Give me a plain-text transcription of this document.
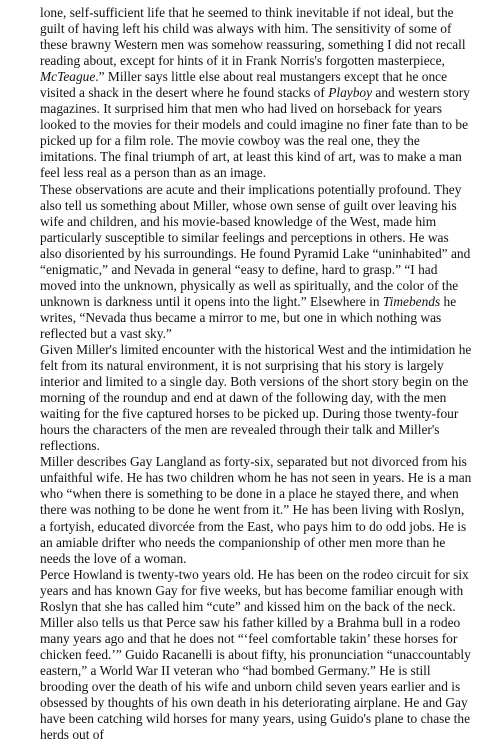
lone, self-sufficient life that he seemed to think inevitable if not ideal, but the guilt of having left his child was always with him. The sensitivity of some of these brawny Western men was somehow reassuring, something I did not recall reading about, except for hints of it in Frank Norris's forgotten masterpiece, McTeague.” Miller says little else about real mustangers except that he once visited a shack in the desert where he found stacks of Playboy and western story magazines. It surprised him that men who had lived on horseback for years looked to the movies for their models and could imagine no finer fate than to be picked up for a film role. The movie cowboy was the real one, they the imitations. The final triumph of art, at least this kind of art, was to make a man feel less real as a person than as an image.

These observations are acute and their implications potentially profound. They also tell us something about Miller, whose own sense of guilt over leaving his wife and children, and his movie-based knowledge of the West, made him particularly susceptible to similar feelings and perceptions in others. He was also disoriented by his surroundings. He found Pyramid Lake “uninhabited” and “enigmatic,” and Nevada in general “easy to define, hard to grasp.” “I had moved into the unknown, physically as well as spiritually, and the color of the unknown is darkness until it opens into the light.” Elsewhere in Timebends he writes, “Nevada thus became a mirror to me, but one in which nothing was reflected but a vast sky.”

Given Miller's limited encounter with the historical West and the intimidation he felt from its natural environment, it is not surprising that his story is largely interior and limited to a single day. Both versions of the short story begin on the morning of the roundup and end at dawn of the following day, with the men waiting for the five captured horses to be picked up. During those twenty-four hours the characters of the men are revealed through their talk and Miller's reflections.

Miller describes Gay Langland as forty-six, separated but not divorced from his unfaithful wife. He has two children whom he has not seen in years. He is a man who “when there is something to be done in a place he stayed there, and when there was nothing to be done he went from it.” He has been living with Roslyn, a fortyish, educated divorcée from the East, who pays him to do odd jobs. He is an amiable drifter who needs the companionship of other men more than he needs the love of a woman.

Perce Howland is twenty-two years old. He has been on the rodeo circuit for six years and has known Gay for five weeks, but has become familiar enough with Roslyn that she has called him “cute” and kissed him on the back of the neck. Miller also tells us that Perce saw his father killed by a Brahma bull in a rodeo many years ago and that he does not “‘feel comfortable takin’ these horses for chicken feed.’” Guido Racanelli is about fifty, his pronunciation “unaccountably eastern,” a World War II veteran who “had bombed Germany.” He is still brooding over the death of his wife and unborn child seven years earlier and is obsessed by thoughts of his own death in his deteriorating airplane. He and Gay have been catching wild horses for many years, using Guido's plane to chase the herds out of
